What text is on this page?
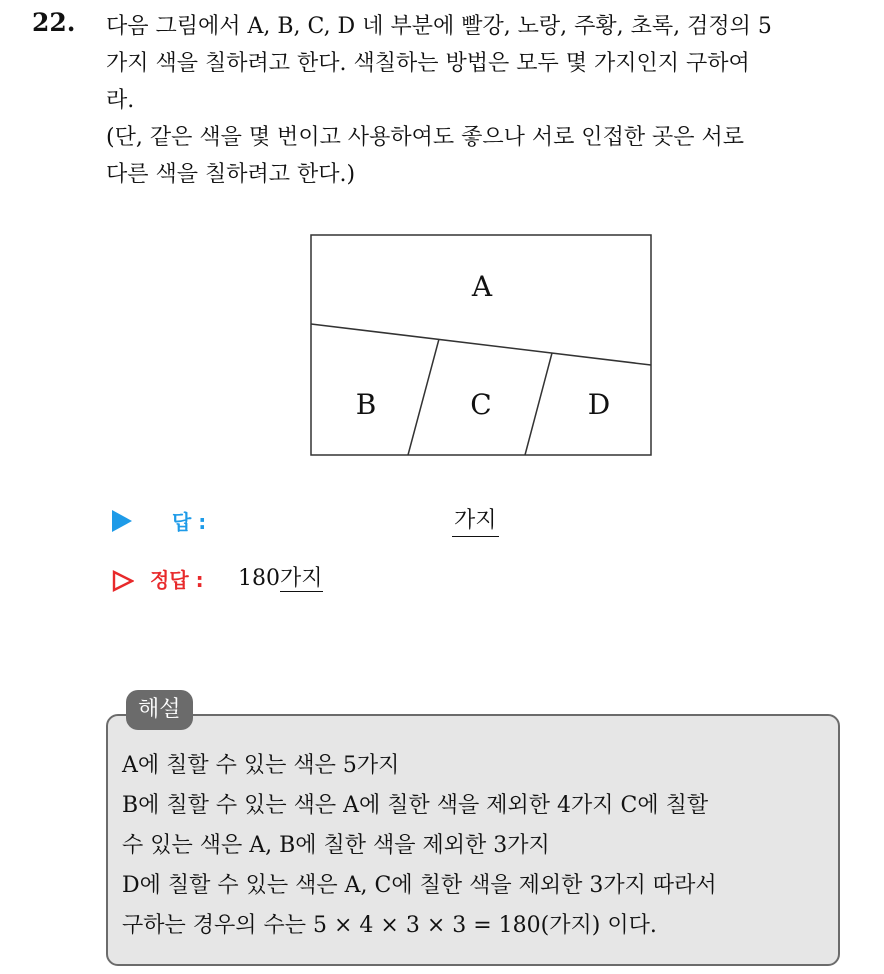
22. 다음 그림에서 A, B, C, D 네 부분에 빨강, 노랑, 주황, 초록, 검정의 5

가지 색을 칠하려고 한다. 색칠하는 방법은 모두 몇 가지인지 구하여

라.

(단, 같은 색을 몇 번이고 사용하여도 좋으나 서로 인접한 곳은 서로

다른 색을 칠하려고 한다.)

A
B	C	D
답 :	가지
정답 : 180가지
해설

A에 칠할 수 있는 색은 5가지

B에 칠할 수 있는 색은 A에 칠한 색을 제외한 4가지 C에 칠할

수 있는 색은 A, B에 칠한 색을 제외한 3가지

D에 칠할 수 있는 색은 A, C에 칠한 색을 제외한 3가지 따라서

구하는 경우의 수는 5 × 4 × 3 × 3 = 180(가지) 이다.
